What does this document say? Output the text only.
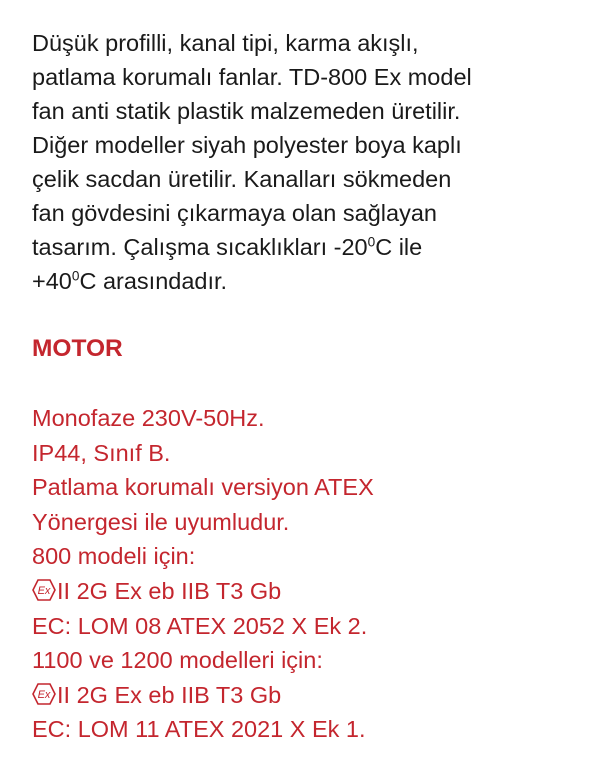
Düşük profilli, kanal tipi, karma akışlı,
patlama korumalı fanlar. TD-800 Ex model
fan anti statik plastik malzemeden üretilir.
Diğer modeller siyah polyester boya kaplı
çelik sacdan üretilir. Kanalları sökmeden
fan gövdesini çıkarmaya olan sağlayan
tasarım. Çalışma sıcaklıkları $-20^0C$ ile
$+40^0C$ arasındadır.

MOTOR

Monofaze 230V-50Hz.
IP44, Sınıf B.
Patlama korumalı versiyon ATEX
Yönergesi ile uyumludur.
800 modeli için:
Ex II 2G Ex eb IIB T3 Gb
EC: LOM 08 ATEX 2052 X Ek 2.
1100 ve 1200 modelleri için:
Ex II 2G Ex eb IIB T3 Gb
EC: LOM 11 ATEX 2021 X Ek 1.
